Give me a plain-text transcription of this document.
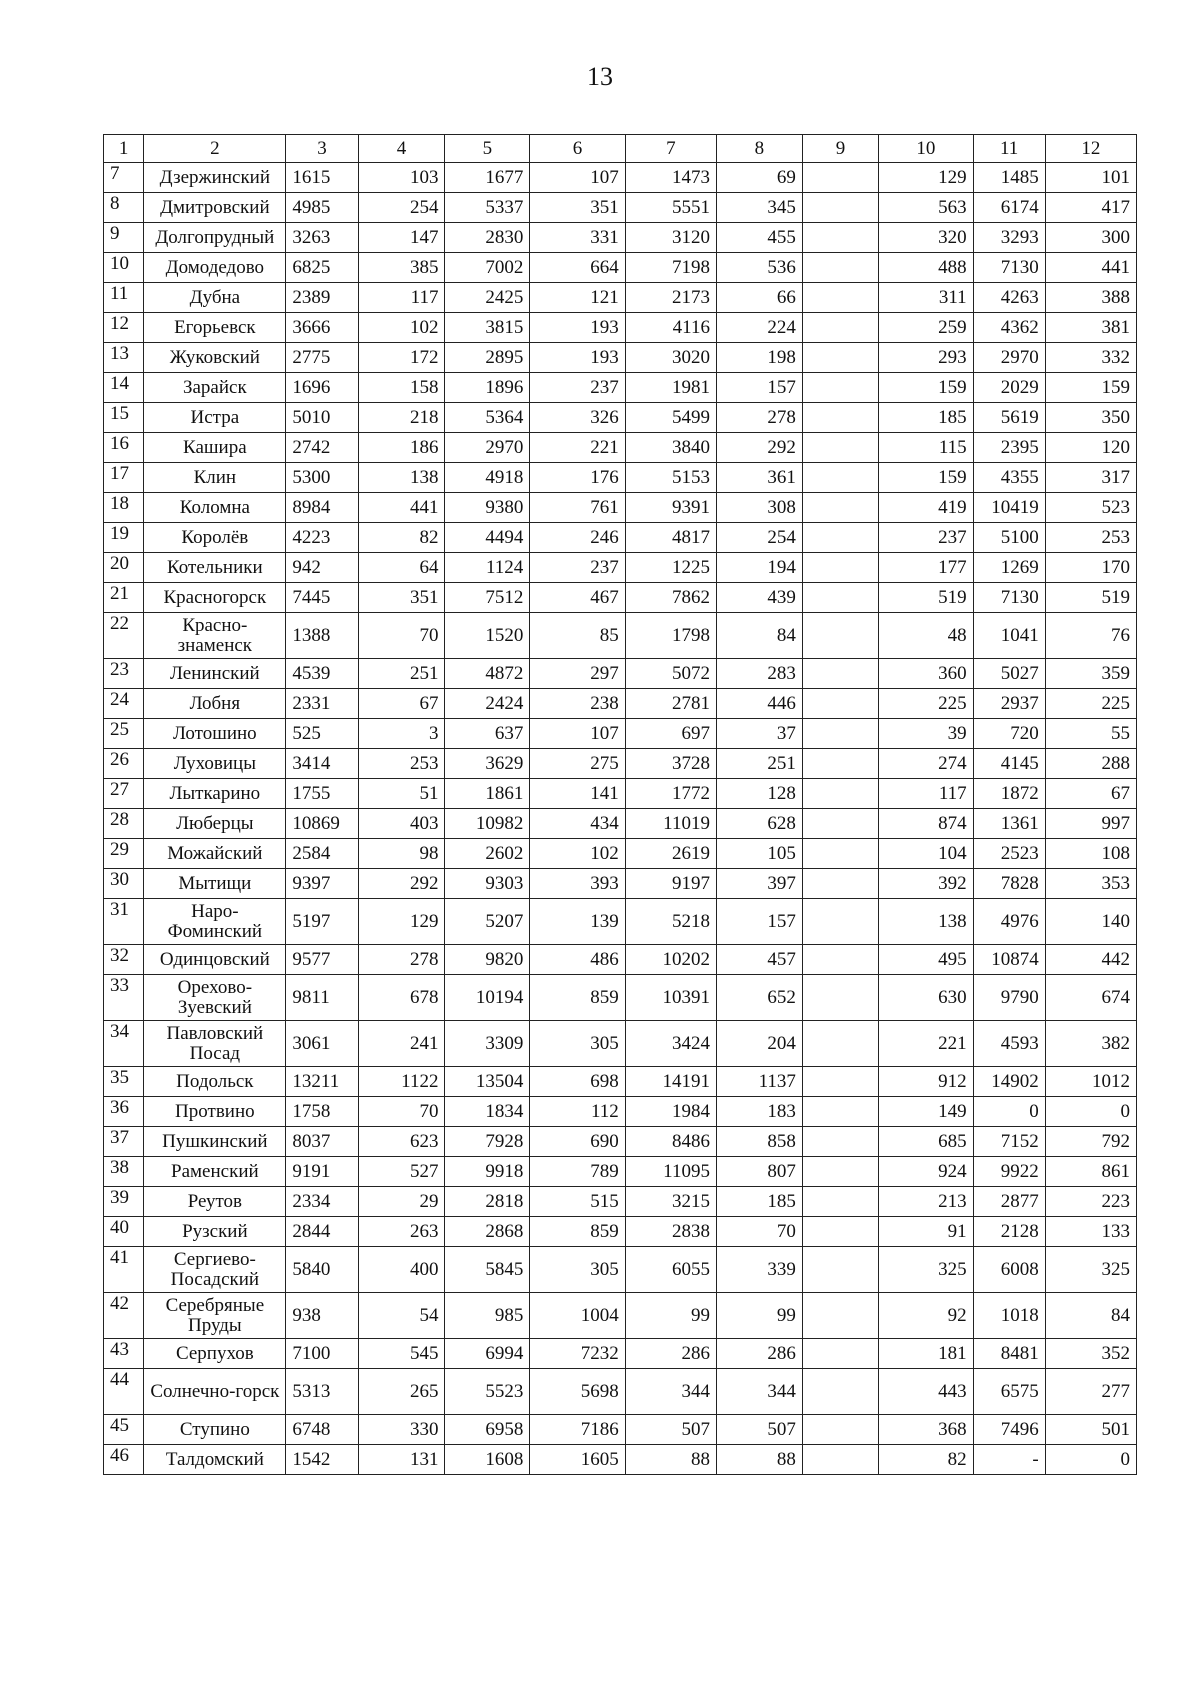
13
1	2	3	4	5	6	7	8	9	10	11	12
7	Дзержинский	1615	103	1677	107	1473	69		129	1485	101
8	Дмитровский	4985	254	5337	351	5551	345		563	6174	417
9	Долгопрудный	3263	147	2830	331	3120	455		320	3293	300
10	Домодедово	6825	385	7002	664	7198	536		488	7130	441
11	Дубна	2389	117	2425	121	2173	66		311	4263	388
12	Егорьевск	3666	102	3815	193	4116	224		259	4362	381
13	Жуковский	2775	172	2895	193	3020	198		293	2970	332
14	Зарайск	1696	158	1896	237	1981	157		159	2029	159
15	Истра	5010	218	5364	326	5499	278		185	5619	350
16	Кашира	2742	186	2970	221	3840	292		115	2395	120
17	Клин	5300	138	4918	176	5153	361		159	4355	317
18	Коломна	8984	441	9380	761	9391	308		419	10419	523
19	Королёв	4223	82	4494	246	4817	254		237	5100	253
20	Котельники	942	64	1124	237	1225	194		177	1269	170
21	Красногорск	7445	351	7512	467	7862	439		519	7130	519
22	Красно-знаменск	1388	70	1520	85	1798	84		48	1041	76
23	Ленинский	4539	251	4872	297	5072	283		360	5027	359
24	Лобня	2331	67	2424	238	2781	446		225	2937	225
25	Лотошино	525	3	637	107	697	37		39	720	55
26	Луховицы	3414	253	3629	275	3728	251		274	4145	288
27	Лыткарино	1755	51	1861	141	1772	128		117	1872	67
28	Люберцы	10869	403	10982	434	11019	628		874	1361	997
29	Можайский	2584	98	2602	102	2619	105		104	2523	108
30	Мытищи	9397	292	9303	393	9197	397		392	7828	353
31	Наро-Фоминский	5197	129	5207	139	5218	157		138	4976	140
32	Одинцовский	9577	278	9820	486	10202	457		495	10874	442
33	Орехово-Зуевский	9811	678	10194	859	10391	652		630	9790	674
34	Павловский Посад	3061	241	3309	305	3424	204		221	4593	382
35	Подольск	13211	1122	13504	698	14191	1137		912	14902	1012
36	Протвино	1758	70	1834	112	1984	183		149	0	0
37	Пушкинский	8037	623	7928	690	8486	858		685	7152	792
38	Раменский	9191	527	9918	789	11095	807		924	9922	861
39	Реутов	2334	29	2818	515	3215	185		213	2877	223
40	Рузский	2844	263	2868	859	2838	70		91	2128	133
41	Сергиево-Посадский	5840	400	5845	305	6055	339		325	6008	325
42	Серебряные Пруды	938	54	985	1004	99	99		92	1018	84
43	Серпухов	7100	545	6994	7232	286	286		181	8481	352
44	Солнечно-горск	5313	265	5523	5698	344	344		443	6575	277
45	Ступино	6748	330	6958	7186	507	507		368	7496	501
46	Талдомский	1542	131	1608	1605	88	88		82	-	0
